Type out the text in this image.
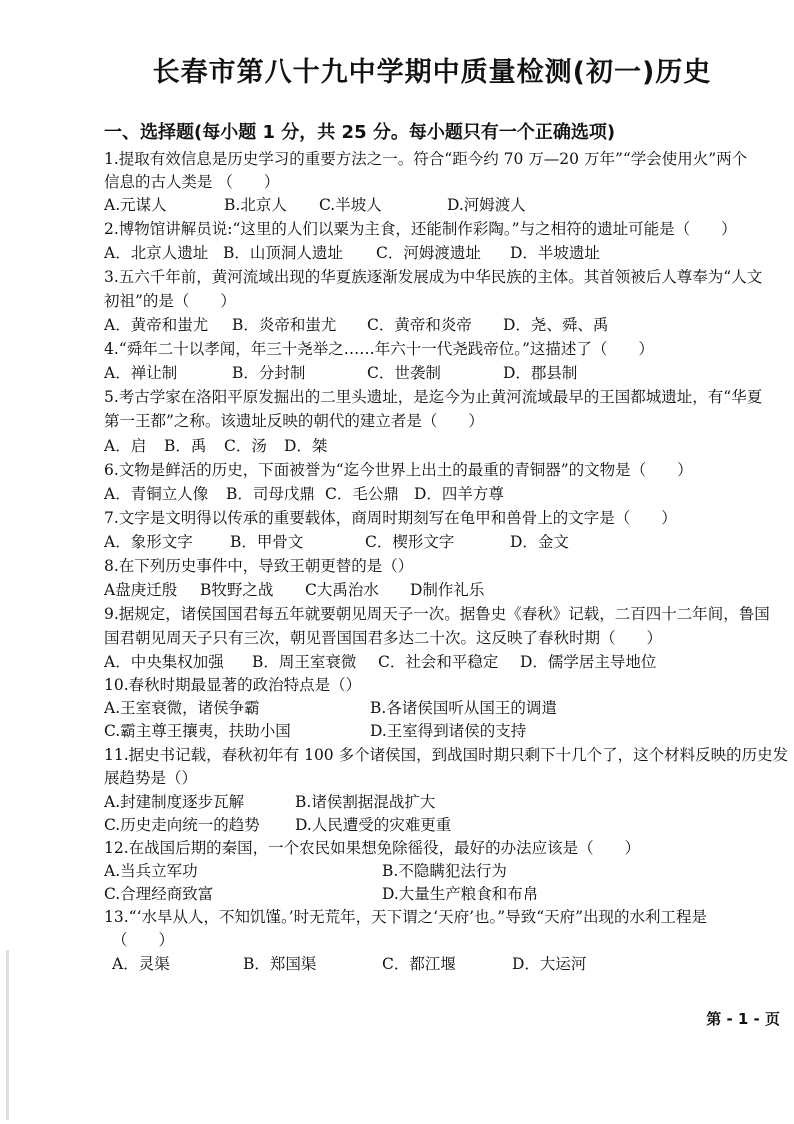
长春市第八十九中学期中质量检测(初一)历史
一、选择题(每小题 1 分，共 25 分。每小题只有一个正确选项)
1.提取有效信息是历史学习的重要方法之一。符合“距今约 70 万—20 万年”“学会使用火”两个
信息的古人类是 （　　）
A.元谋人	B.北京人 C.半坡人	D.河姆渡人
2.博物馆讲解员说:“这里的人们以粟为主食，还能制作彩陶。”与之相符的遗址可能是（　　）
A．北京人遗址 B．山顶洞人遗址 C．河姆渡遗址 D．半坡遗址
3.五六千年前，黄河流域出现的华夏族逐渐发展成为中华民族的主体。其首领被后人尊奉为“人文
初祖”的是（　　）
A．黄帝和蚩尤 B．炎帝和蚩尤 C．黄帝和炎帝 D．尧、舜、禹
4.“舜年二十以孝闻，年三十尧举之……年六十一代尧践帝位。”这描述了（　　）
A．禅让制	B．分封制	C．世袭制	D．郡县制
5.考古学家在洛阳平原发掘出的二里头遗址，是迄今为止黄河流域最早的王国都城遗址，有“华夏
第一王都”之称。该遗址反映的朝代的建立者是（　　）
A．启 B．禹 C．汤 D．桀
6.文物是鲜活的历史，下面被誉为“迄今世界上出土的最重的青铜器”的文物是（　　）
A．青铜立人像 B．司母戊鼎 C．毛公鼎 D．四羊方尊
7.文字是文明得以传承的重要载体，商周时期刻写在龟甲和兽骨上的文字是（　　）
A．象形文字 B．甲骨文	C．楔形文字	D．金文
8.在下列历史事件中，导致王朝更替的是（）
A盘庚迁殷 B牧野之战 C大禹治水 D制作礼乐
9.据规定，诸侯国国君每五年就要朝见周天子一次。据鲁史《春秋》记载，二百四十二年间，鲁国
国君朝见周天子只有三次，朝见晋国国君多达二十次。这反映了春秋时期（　　）
A．中央集权加强 B．周王室衰微 C．社会和平稳定 D．儒学居主导地位
10.春秋时期最显著的政治特点是（）
A.王室衰微，诸侯争霸	B.各诸侯国听从国王的调遣
C.霸主尊王攘夷，扶助小国	D.王室得到诸侯的支持
11.据史书记载，春秋初年有 100 多个诸侯国，到战国时期只剩下十几个了，这个材料反映的历史发
展趋势是（）
A.封建制度逐步瓦解	B.诸侯割据混战扩大
C.历史走向统一的趋势 D.人民遭受的灾难更重
12.在战国后期的秦国，一个农民如果想免除徭役，最好的办法应该是（　　）
A.当兵立军功	B.不隐瞒犯法行为
C.合理经商致富	D.大量生产粮食和布帛
13.“‘水旱从人，不知饥馑。’时无荒年，天下谓之‘天府’也。”导致“天府”出现的水利工程是
（　　）
A．灵渠	B．郑国渠	C．都江堰	D．大运河
第 - 1 - 页
